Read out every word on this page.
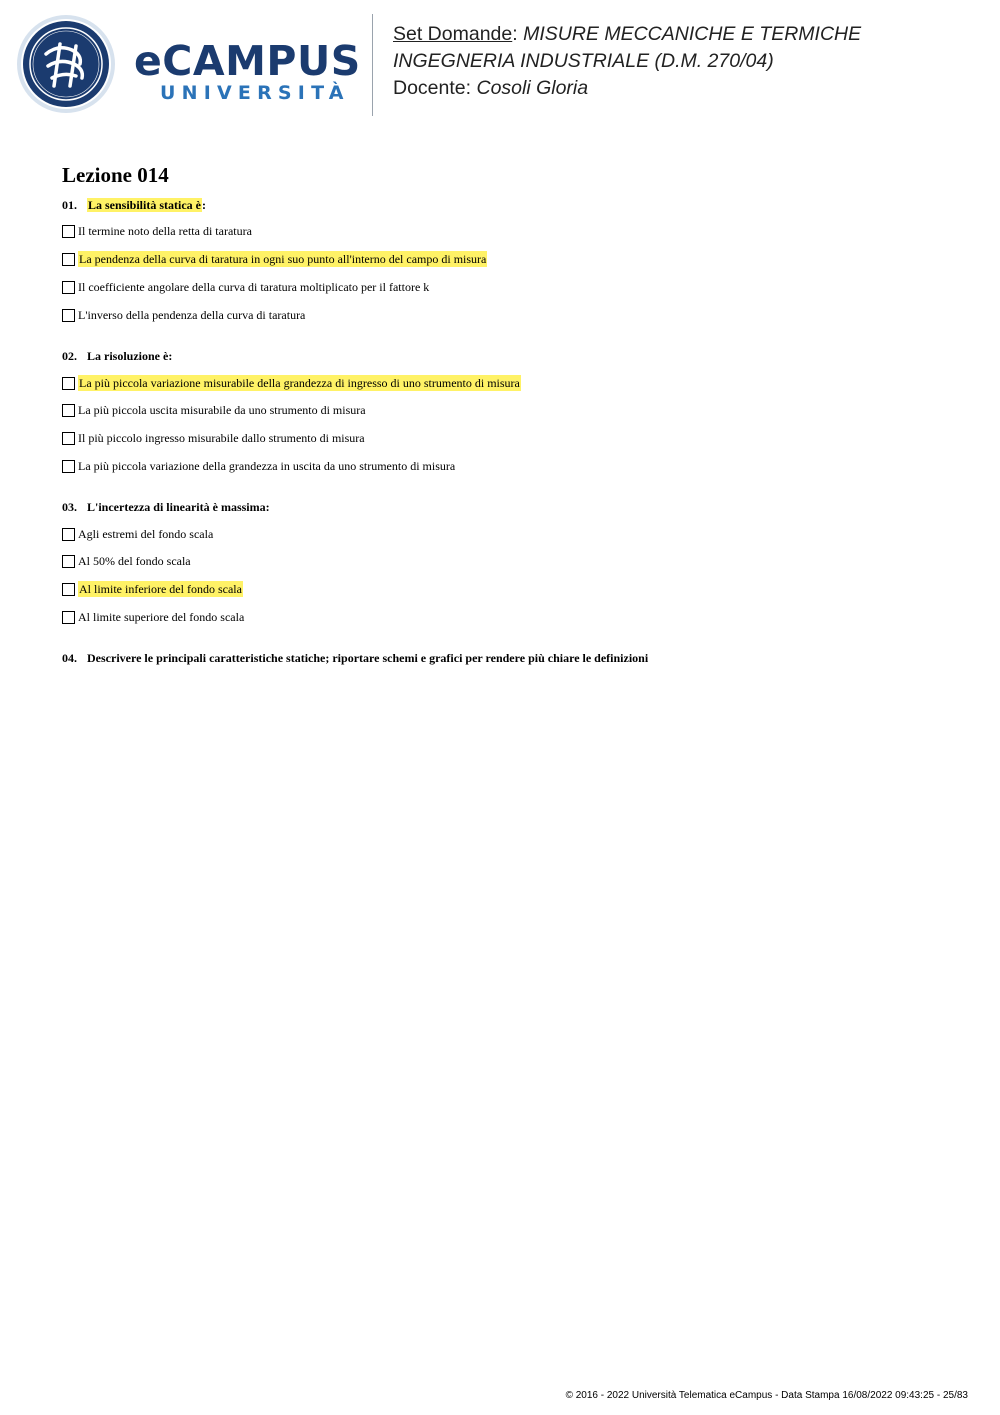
eCAMPUS
UNIVERSITÀ
Set Domande: MISURE MECCANICHE E TERMICHE
INGEGNERIA INDUSTRIALE (D.M. 270/04)
Docente: Cosoli Gloria
Lezione 014
01. La sensibilità statica è:
Il termine noto della retta di taratura
La pendenza della curva di taratura in ogni suo punto all'interno del campo di misura
Il coefficiente angolare della curva di taratura moltiplicato per il fattore k
L'inverso della pendenza della curva di taratura
02. La risoluzione è:
La più piccola variazione misurabile della grandezza di ingresso di uno strumento di misura
La più piccola uscita misurabile da uno strumento di misura
Il più piccolo ingresso misurabile dallo strumento di misura
La più piccola variazione della grandezza in uscita da uno strumento di misura
03. L'incertezza di linearità è massima:
Agli estremi del fondo scala
Al 50% del fondo scala
Al limite inferiore del fondo scala
Al limite superiore del fondo scala
04. Descrivere le principali caratteristiche statiche; riportare schemi e grafici per rendere più chiare le definizioni
© 2016 - 2022 Università Telematica eCampus - Data Stampa 16/08/2022 09:43:25 - 25/83
